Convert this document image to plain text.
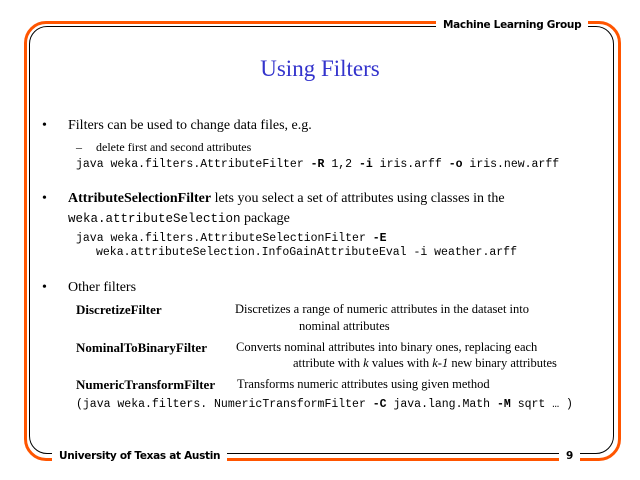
Machine Learning Group
University of Texas at Austin	9
Using Filters
• Filters can be used to change data files, e.g.
– delete first and second attributes
java weka.filters.AttributeFilter -R 1,2 -i iris.arff -o iris.new.arff
• AttributeSelectionFilter lets you select a set of attributes using classes in the
weka.attributeSelection package
java weka.filters.AttributeSelectionFilter -E
weka.attributeSelection.InfoGainAttributeEval -i weather.arff
• Other filters
DiscretizeFilter	Discretizes a range of numeric attributes in the dataset into
nominal attributes
NominalToBinaryFilter Converts nominal attributes into binary ones, replacing each
attribute with k values with k-1 new binary attributes
NumericTransformFilter Transforms numeric attributes using given method
(java weka.filters. NumericTransformFilter -C java.lang.Math -M sqrt … )
